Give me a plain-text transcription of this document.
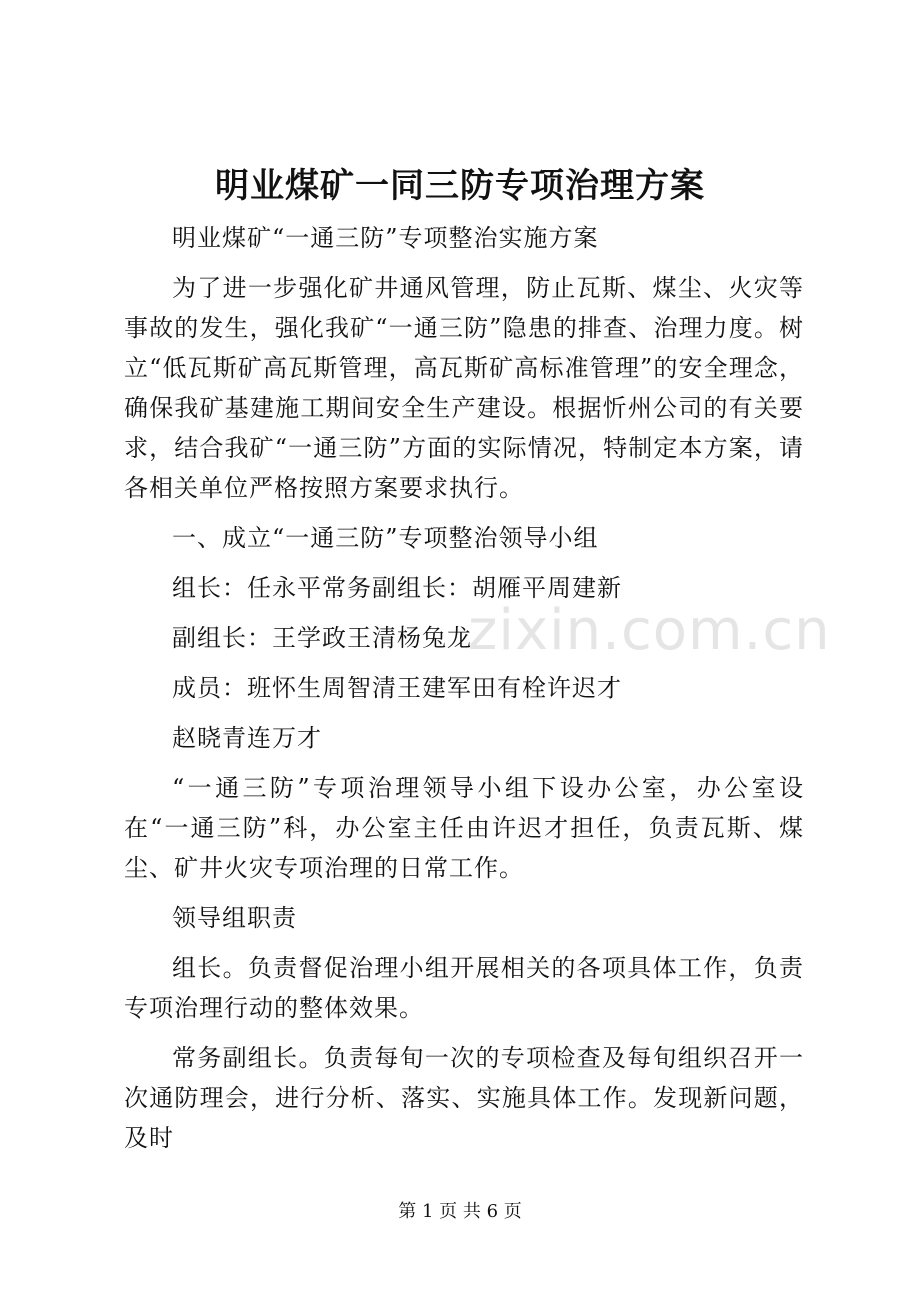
明业煤矿一同三防专项治理方案

明业煤矿“一通三防”专项整治实施方案

为了进一步强化矿井通风管理，防止瓦斯、煤尘、火灾等事故的发生，强化我矿“一通三防”隐患的排查、治理力度。树立“低瓦斯矿高瓦斯管理，高瓦斯矿高标准管理”的安全理念，确保我矿基建施工期间安全生产建设。根据忻州公司的有关要求，结合我矿“一通三防”方面的实际情况，特制定本方案，请各相关单位严格按照方案要求执行。

一、成立“一通三防”专项整治领导小组

组长：任永平常务副组长：胡雁平周建新

副组长：王学政王清杨兔龙

成员：班怀生周智清王建军田有栓许迟才

赵晓青连万才

“一通三防”专项治理领导小组下设办公室，办公室设在“一通三防”科，办公室主任由许迟才担任，负责瓦斯、煤尘、矿井火灾专项治理的日常工作。

领导组职责

组长。负责督促治理小组开展相关的各项具体工作，负责专项治理行动的整体效果。

常务副组长。负责每旬一次的专项检查及每旬组织召开一次通防理会，进行分析、落实、实施具体工作。发现新问题，及时

zixin.com.cn
第 1 页 共 6 页
